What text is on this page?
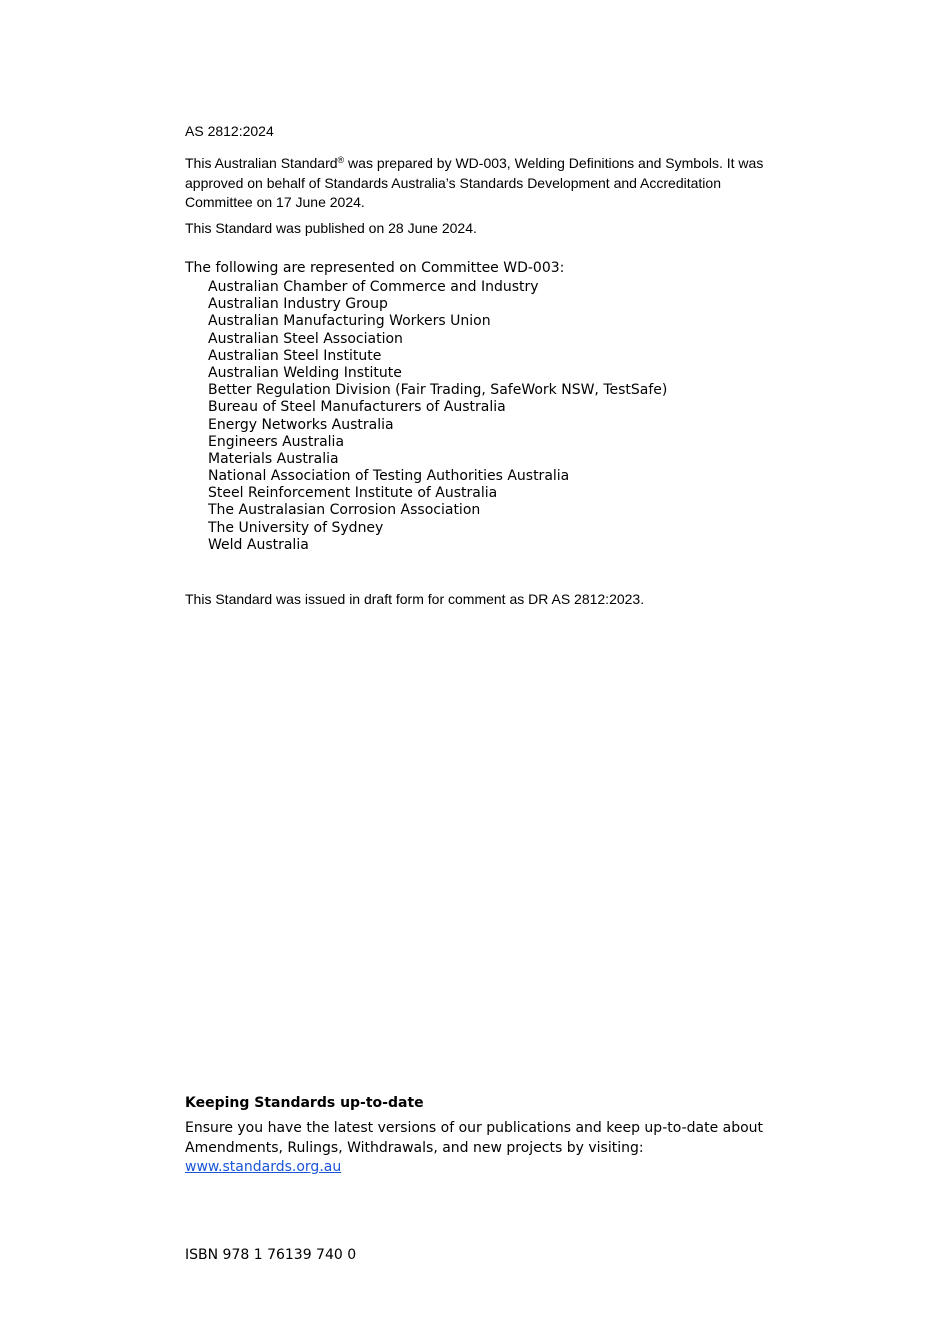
AS 2812:2024
This Australian Standard® was prepared by WD-003, Welding Definitions and Symbols. It was approved on behalf of Standards Australia’s Standards Development and Accreditation Committee on 17 June 2024.
This Standard was published on 28 June 2024.
The following are represented on Committee WD-003:
Australian Chamber of Commerce and Industry
Australian Industry Group
Australian Manufacturing Workers Union
Australian Steel Association
Australian Steel Institute
Australian Welding Institute
Better Regulation Division (Fair Trading, SafeWork NSW, TestSafe)
Bureau of Steel Manufacturers of Australia
Energy Networks Australia
Engineers Australia
Materials Australia
National Association of Testing Authorities Australia
Steel Reinforcement Institute of Australia
The Australasian Corrosion Association
The University of Sydney
Weld Australia
This Standard was issued in draft form for comment as DR AS 2812:2023.
Keeping Standards up-to-date
Ensure you have the latest versions of our publications and keep up-to-date about Amendments, Rulings, Withdrawals, and new projects by visiting:
www.standards.org.au
ISBN 978 1 76139 740 0
